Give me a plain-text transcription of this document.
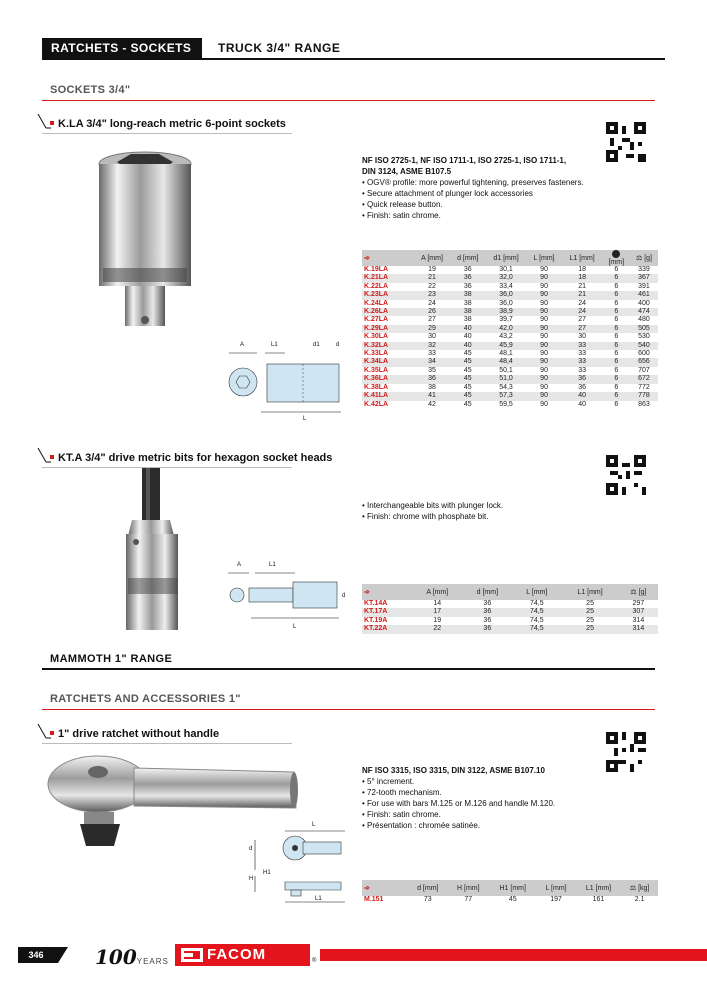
RATCHETS - SOCKETS	TRUCK 3/4" RANGE
SOCKETS 3/4"
K.LA 3/4" long-reach metric 6-point sockets
A	L1	d1	d
L
NF ISO 2725-1, NF ISO 1711-1, ISO 2725-1, ISO 1711-1,
DIN 3124, ASME B107.5
• OGV® profile: more powerful tightening, preserves fasteners.
• Secure attachment of plunger lock accessories
• Quick release button.
• Finish: satin chrome.
➾	A [mm]	d [mm]	d1 [mm]	L [mm]	L1 [mm]	[mm]	⚖ [g]
K.19LA	19	36	30,1	90	18	6	339
K.21LA	21	36	32,0	90	18	6	367
K.22LA	22	36	33,4	90	21	6	391
K.23LA	23	38	36,0	90	21	6	461
K.24LA	24	38	36,0	90	24	6	400
K.26LA	26	38	38,9	90	24	6	474
K.27LA	27	38	39,7	90	27	6	480
K.29LA	29	40	42,0	90	27	6	505
K.30LA	30	40	43,2	90	30	6	530
K.32LA	32	40	45,9	90	33	6	540
K.33LA	33	45	48,1	90	33	6	600
K.34LA	34	45	48,4	90	33	6	656
K.35LA	35	45	50,1	90	33	6	707
K.36LA	36	45	51,0	90	36	6	672
K.38LA	38	45	54,3	90	36	6	772
K.41LA	41	45	57,3	90	40	6	778
K.42LA	42	45	59,5	90	40	6	863
KT.A 3/4" drive metric bits for hexagon socket heads
A	L1
d
L
• Interchangeable bits with plunger lock.
• Finish: chrome with phosphate bit.
➾	A [mm]	d [mm]	L [mm]	L1 [mm]	⚖ [g]
KT.14A	14	36	74,5	25	297
KT.17A	17	36	74,5	25	307
KT.19A	19	36	74,5	25	314
KT.22A	22	36	74,5	25	314
MAMMOTH 1" RANGE
RATCHETS AND ACCESSORIES 1"
1" drive ratchet without handle
L
d
H
H1
L1
NF ISO 3315, ISO 3315, DIN 3122, ASME B107.10
• 5° increment.
• 72-tooth mechanism.
• For use with bars M.125 or M.126 and handle M.120.
• Finish: satin chrome.
• Présentation : chromée satinée.
➾	d [mm]	H [mm]	H1 [mm]	L [mm]	L1 [mm]	⚖ [kg]
M.151	73	77	45	197	161	2.1
346	100YEARS	FACOM	®
